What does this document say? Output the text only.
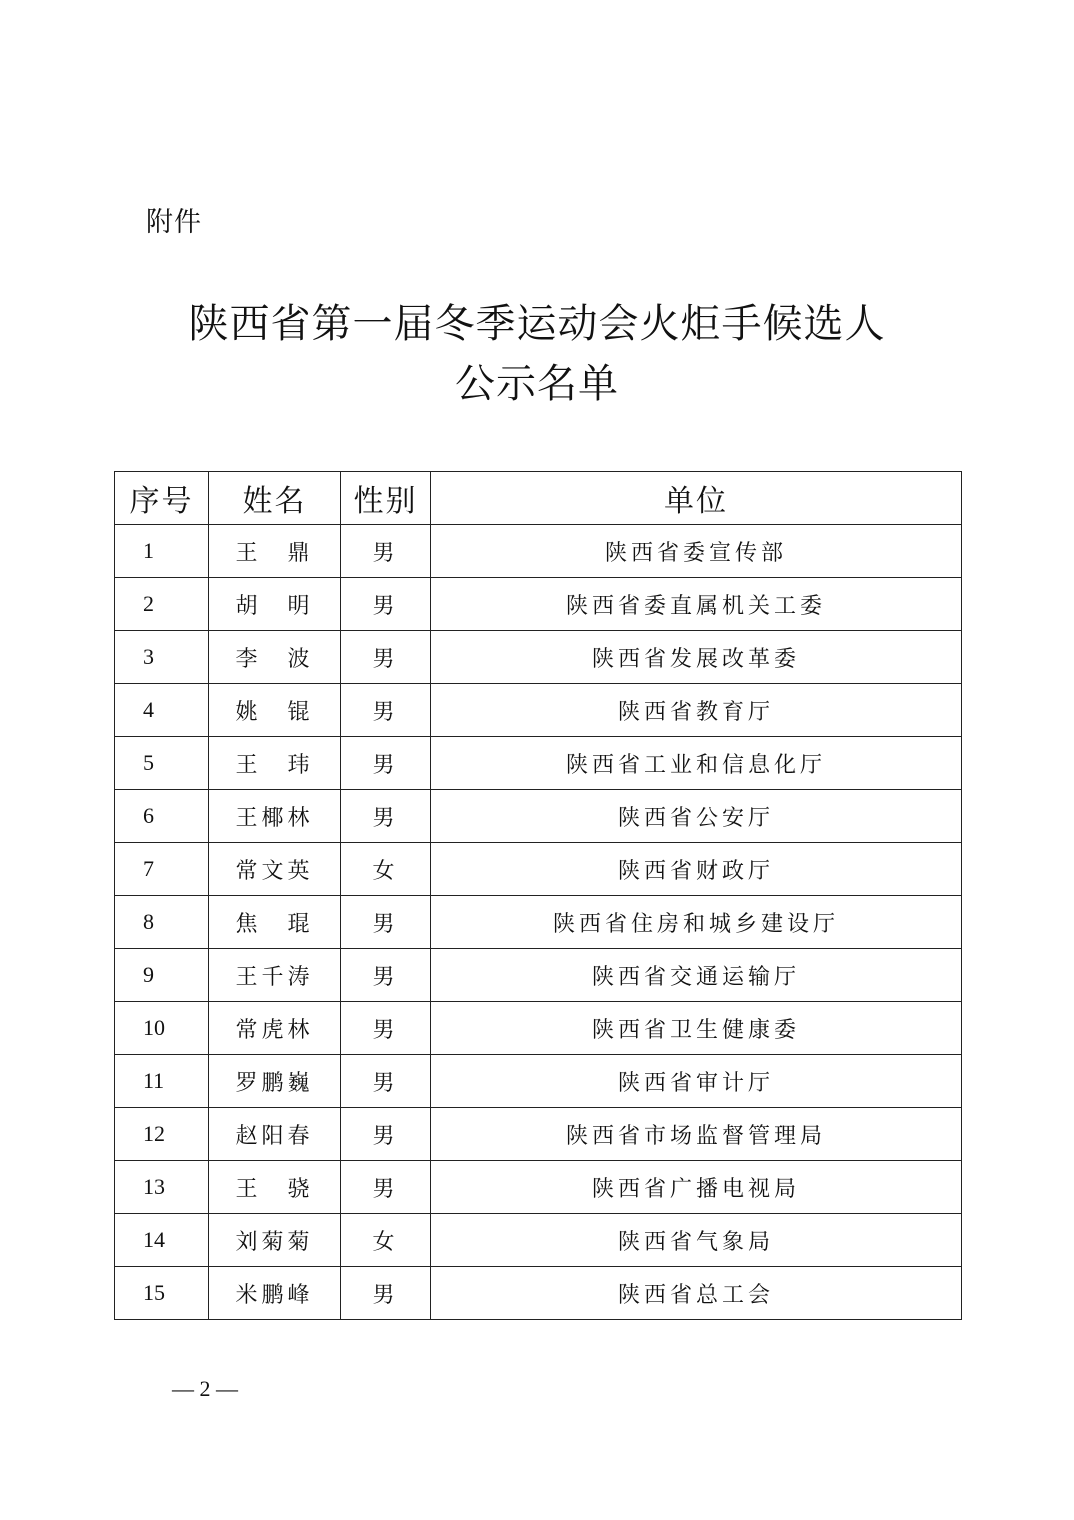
附件
陕西省第一届冬季运动会火炬手候选人
公示名单
序号	姓名	性别	单位
1	王　鼎	男	陕西省委宣传部
2	胡　明	男	陕西省委直属机关工委
3	李　波	男	陕西省发展改革委
4	姚　锟	男	陕西省教育厅
5	王　玮	男	陕西省工业和信息化厅
6	王椰林	男	陕西省公安厅
7	常文英	女	陕西省财政厅
8	焦　琨	男	陕西省住房和城乡建设厅
9	王千涛	男	陕西省交通运输厅
10	常虎林	男	陕西省卫生健康委
11	罗鹏巍	男	陕西省审计厅
12	赵阳春	男	陕西省市场监督管理局
13	王　骁	男	陕西省广播电视局
14	刘菊菊	女	陕西省气象局
15	米鹏峰	男	陕西省总工会
— 2 —
